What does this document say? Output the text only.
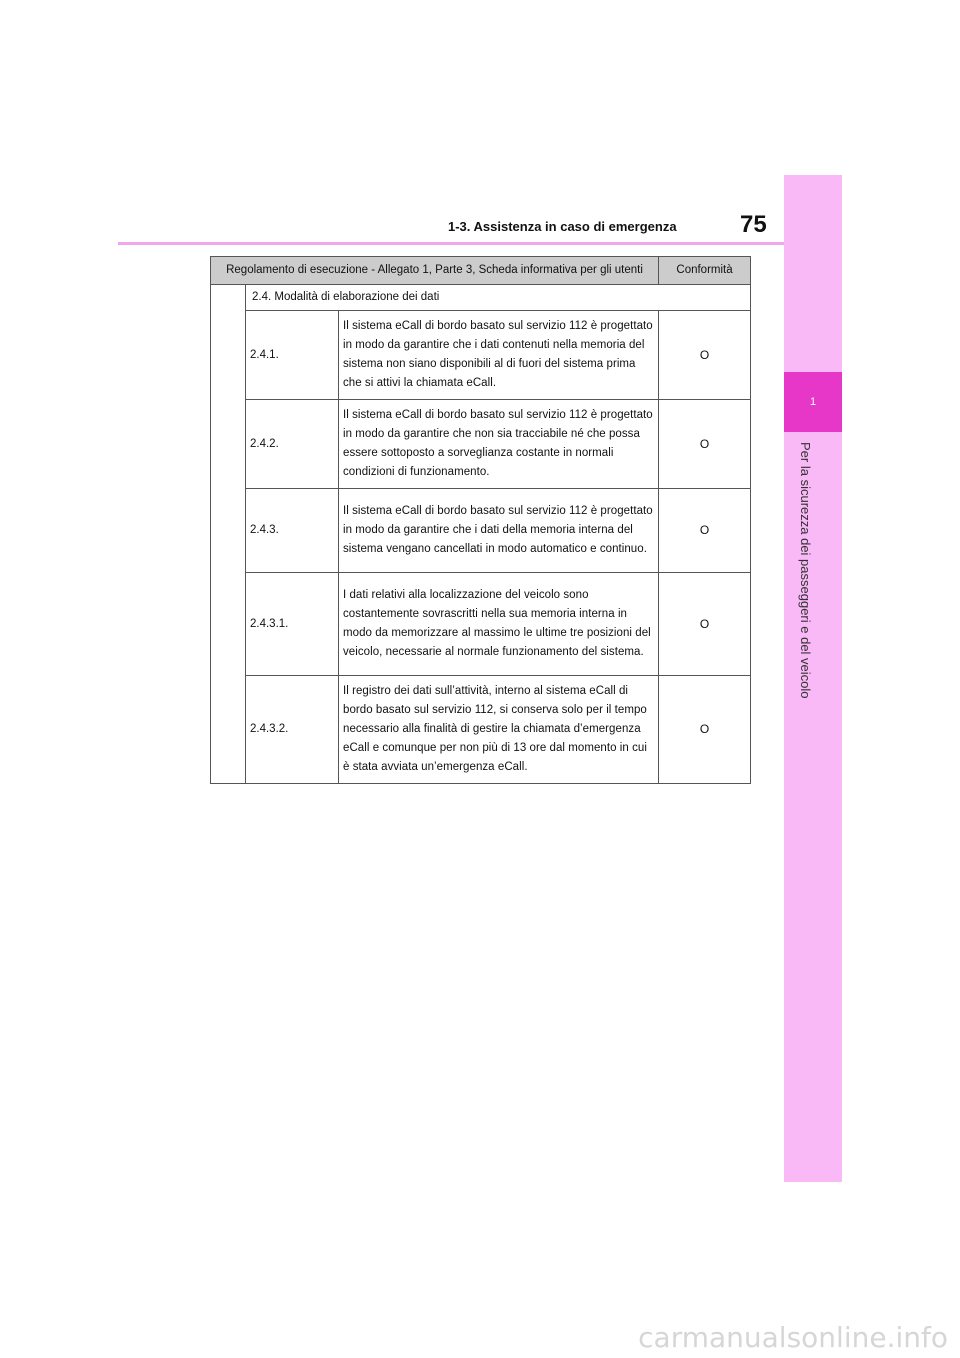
1
Per la sicurezza dei passeggeri e del veicolo
1-3. Assistenza in caso di emergenza	75
Regolamento di esecuzione - Allegato 1, Parte 3, Scheda informativa per gli utenti			Conformità
	2.4. Modalità di elaborazione dei dati		
	2.4.1.	Il sistema eCall di bordo basato sul servizio 112 è progettato in modo da garantire che i dati contenuti nella memoria del sistema non siano disponibili al di fuori del sistema prima che si attivi la chiamata eCall.	O
	2.4.2.	Il sistema eCall di bordo basato sul servizio 112 è progettato in modo da garantire che non sia tracciabile né che possa essere sottoposto a sorveglianza costante in normali condizioni di funzionamento.	O
	2.4.3.	Il sistema eCall di bordo basato sul servizio 112 è progettato in modo da garantire che i dati della memoria interna del sistema vengano cancellati in modo automatico e continuo.	O
	2.4.3.1.	I dati relativi alla localizzazione del veicolo sono costantemente sovrascritti nella sua memoria interna in modo da memorizzare al massimo le ultime tre posizioni del veicolo, necessarie al normale funzionamento del sistema.	O
	2.4.3.2.	Il registro dei dati sull’attività, interno al sistema eCall di bordo basato sul servizio 112, si conserva solo per il tempo necessario alla finalità di gestire la chiamata d’emergenza eCall e comunque per non più di 13 ore dal momento in cui è stata avviata un’emergenza eCall.	O
carmanualsonline.info
